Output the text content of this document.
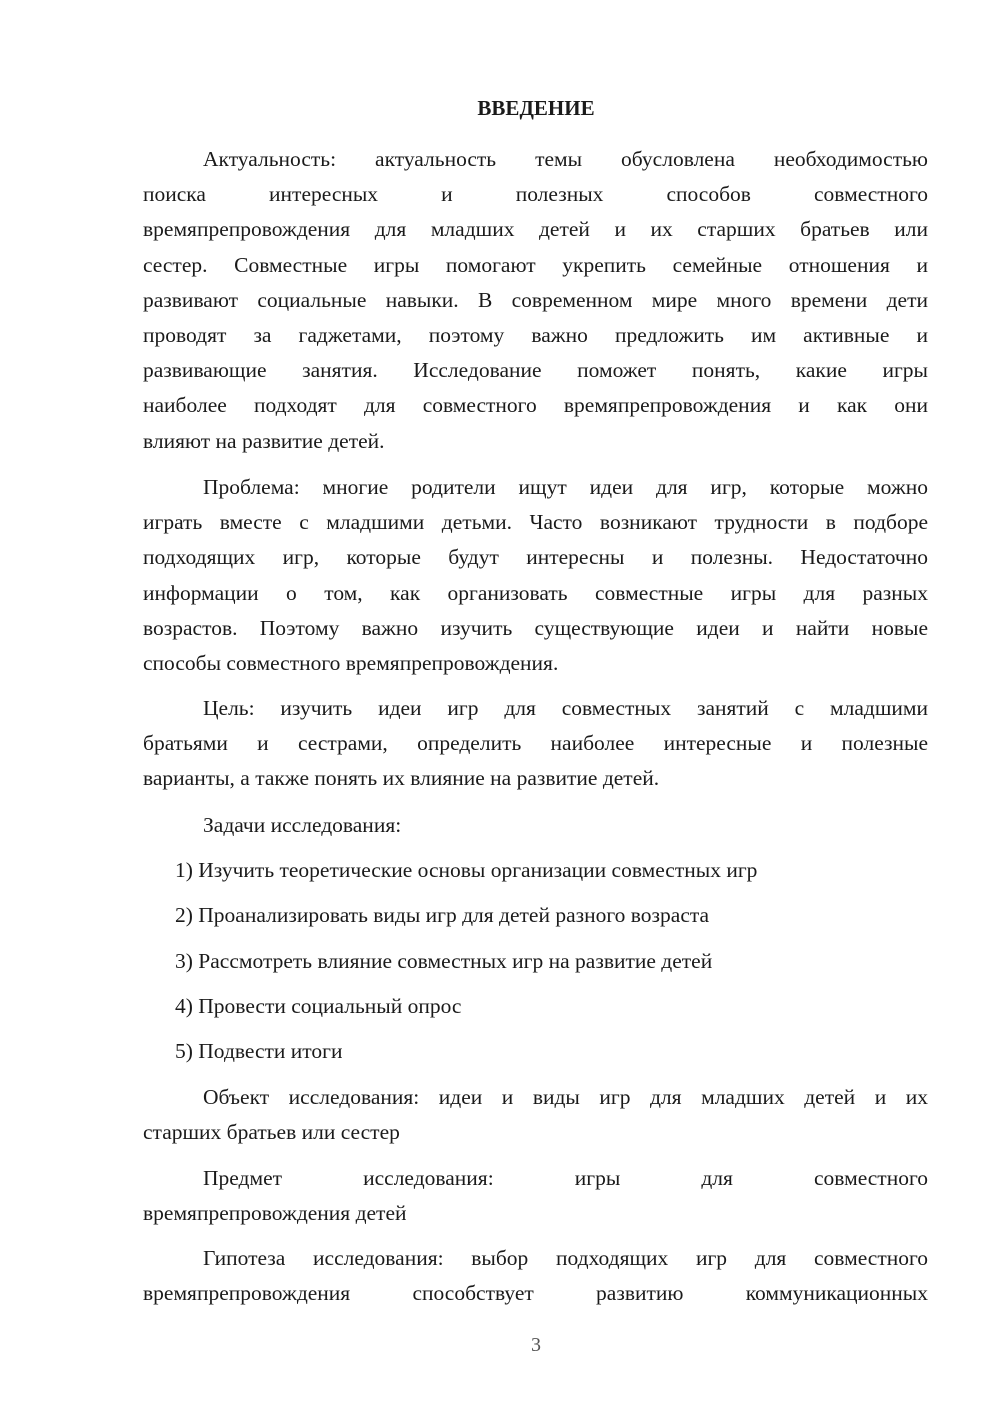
ВВЕДЕНИЕ
Актуальность: актуальность темы обусловлена необходимостью
поиска интересных и полезных способов совместного
времяпрепровождения для младших детей и их старших братьев или
сестер. Совместные игры помогают укрепить семейные отношения и
развивают социальные навыки. В современном мире много времени дети
проводят за гаджетами, поэтому важно предложить им активные и
развивающие занятия. Исследование поможет понять, какие игры
наиболее подходят для совместного времяпрепровождения и как они
влияют на развитие детей.
Проблема: многие родители ищут идеи для игр, которые можно
играть вместе с младшими детьми. Часто возникают трудности в подборе
подходящих игр, которые будут интересны и полезны. Недостаточно
информации о том, как организовать совместные игры для разных
возрастов. Поэтому важно изучить существующие идеи и найти новые
способы совместного времяпрепровождения.
Цель: изучить идеи игр для совместных занятий с младшими
братьями и сестрами, определить наиболее интересные и полезные
варианты, а также понять их влияние на развитие детей.
Задачи исследования:
1) Изучить теоретические основы организации совместных игр
2) Проанализировать виды игр для детей разного возраста
3) Рассмотреть влияние совместных игр на развитие детей
4) Провести социальный опрос
5) Подвести итоги
Объект исследования: идеи и виды игр для младших детей и их
старших братьев или сестер
Предмет исследования: игры для совместного
времяпрепровождения детей
Гипотеза исследования: выбор подходящих игр для совместного
времяпрепровождения способствует развитию коммуникационных
3
